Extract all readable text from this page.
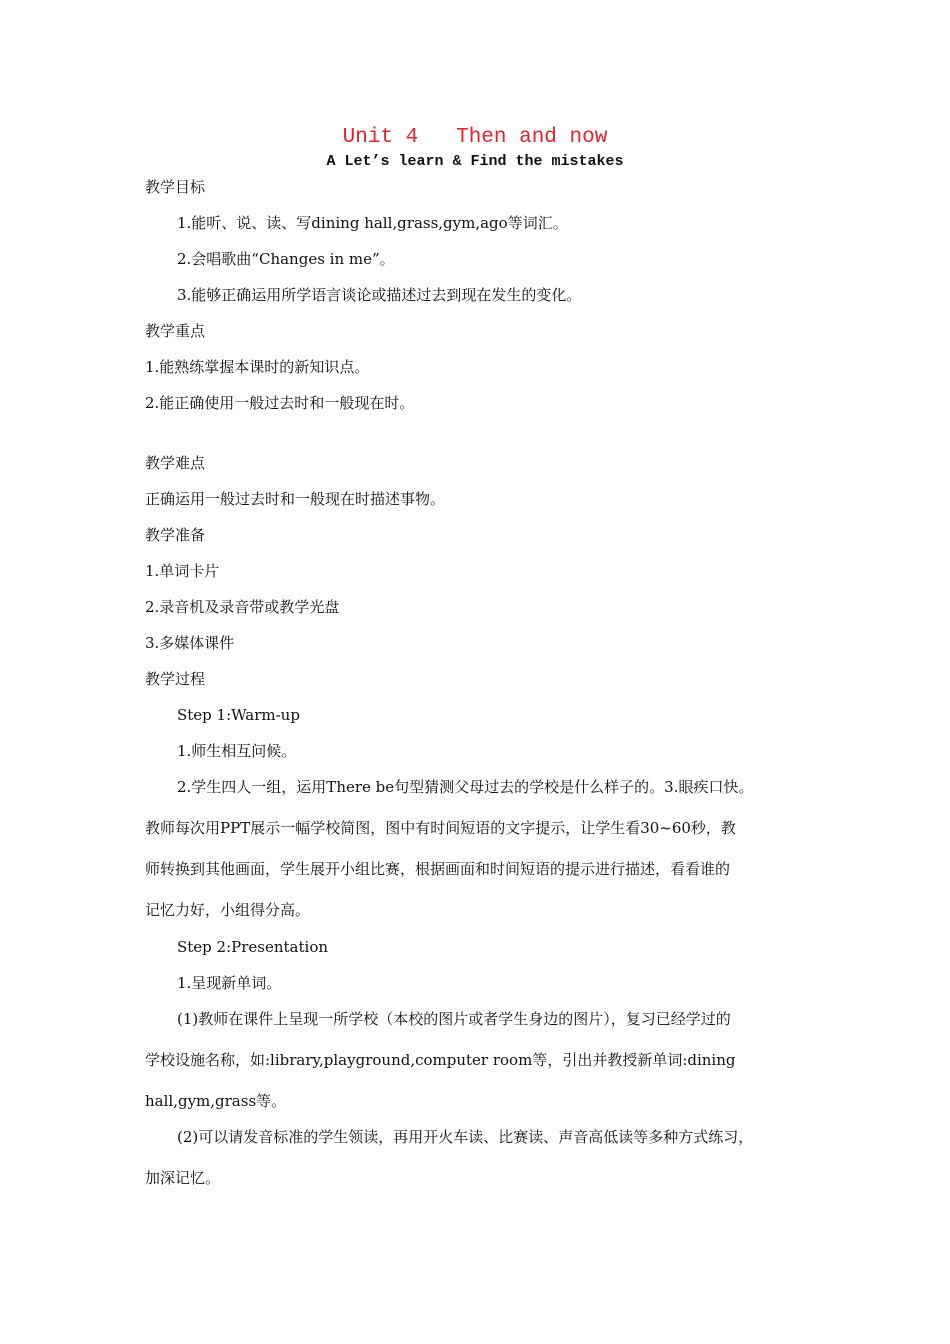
Unit 4   Then and now
A Let’s learn & Find the mistakes
教学目标
1.能听、说、读、写dining hall,grass,gym,ago等词汇。
2.会唱歌曲“Changes in me”。
3.能够正确运用所学语言谈论或描述过去到现在发生的变化。
教学重点
1.能熟练掌握本课时的新知识点。
2.能正确使用一般过去时和一般现在时。
教学难点
正确运用一般过去时和一般现在时描述事物。
教学准备
1.单词卡片
2.录音机及录音带或教学光盘
3.多媒体课件
教学过程
Step 1:Warm-up
1.师生相互问候。
2.学生四人一组，运用There be句型猜测父母过去的学校是什么样子的。3.眼疾口快。
教师每次用PPT展示一幅学校简图，图中有时间短语的文字提示，让学生看30~60秒，教
师转换到其他画面，学生展开小组比赛，根据画面和时间短语的提示进行描述，看看谁的
记忆力好，小组得分高。
Step 2:Presentation
1.呈现新单词。
(1)教师在课件上呈现一所学校（本校的图片或者学生身边的图片），复习已经学过的
学校设施名称，如:library,playground,computer room等，引出并教授新单词:dining
hall,gym,grass等。
(2)可以请发音标准的学生领读，再用开火车读、比赛读、声音高低读等多种方式练习，
加深记忆。
